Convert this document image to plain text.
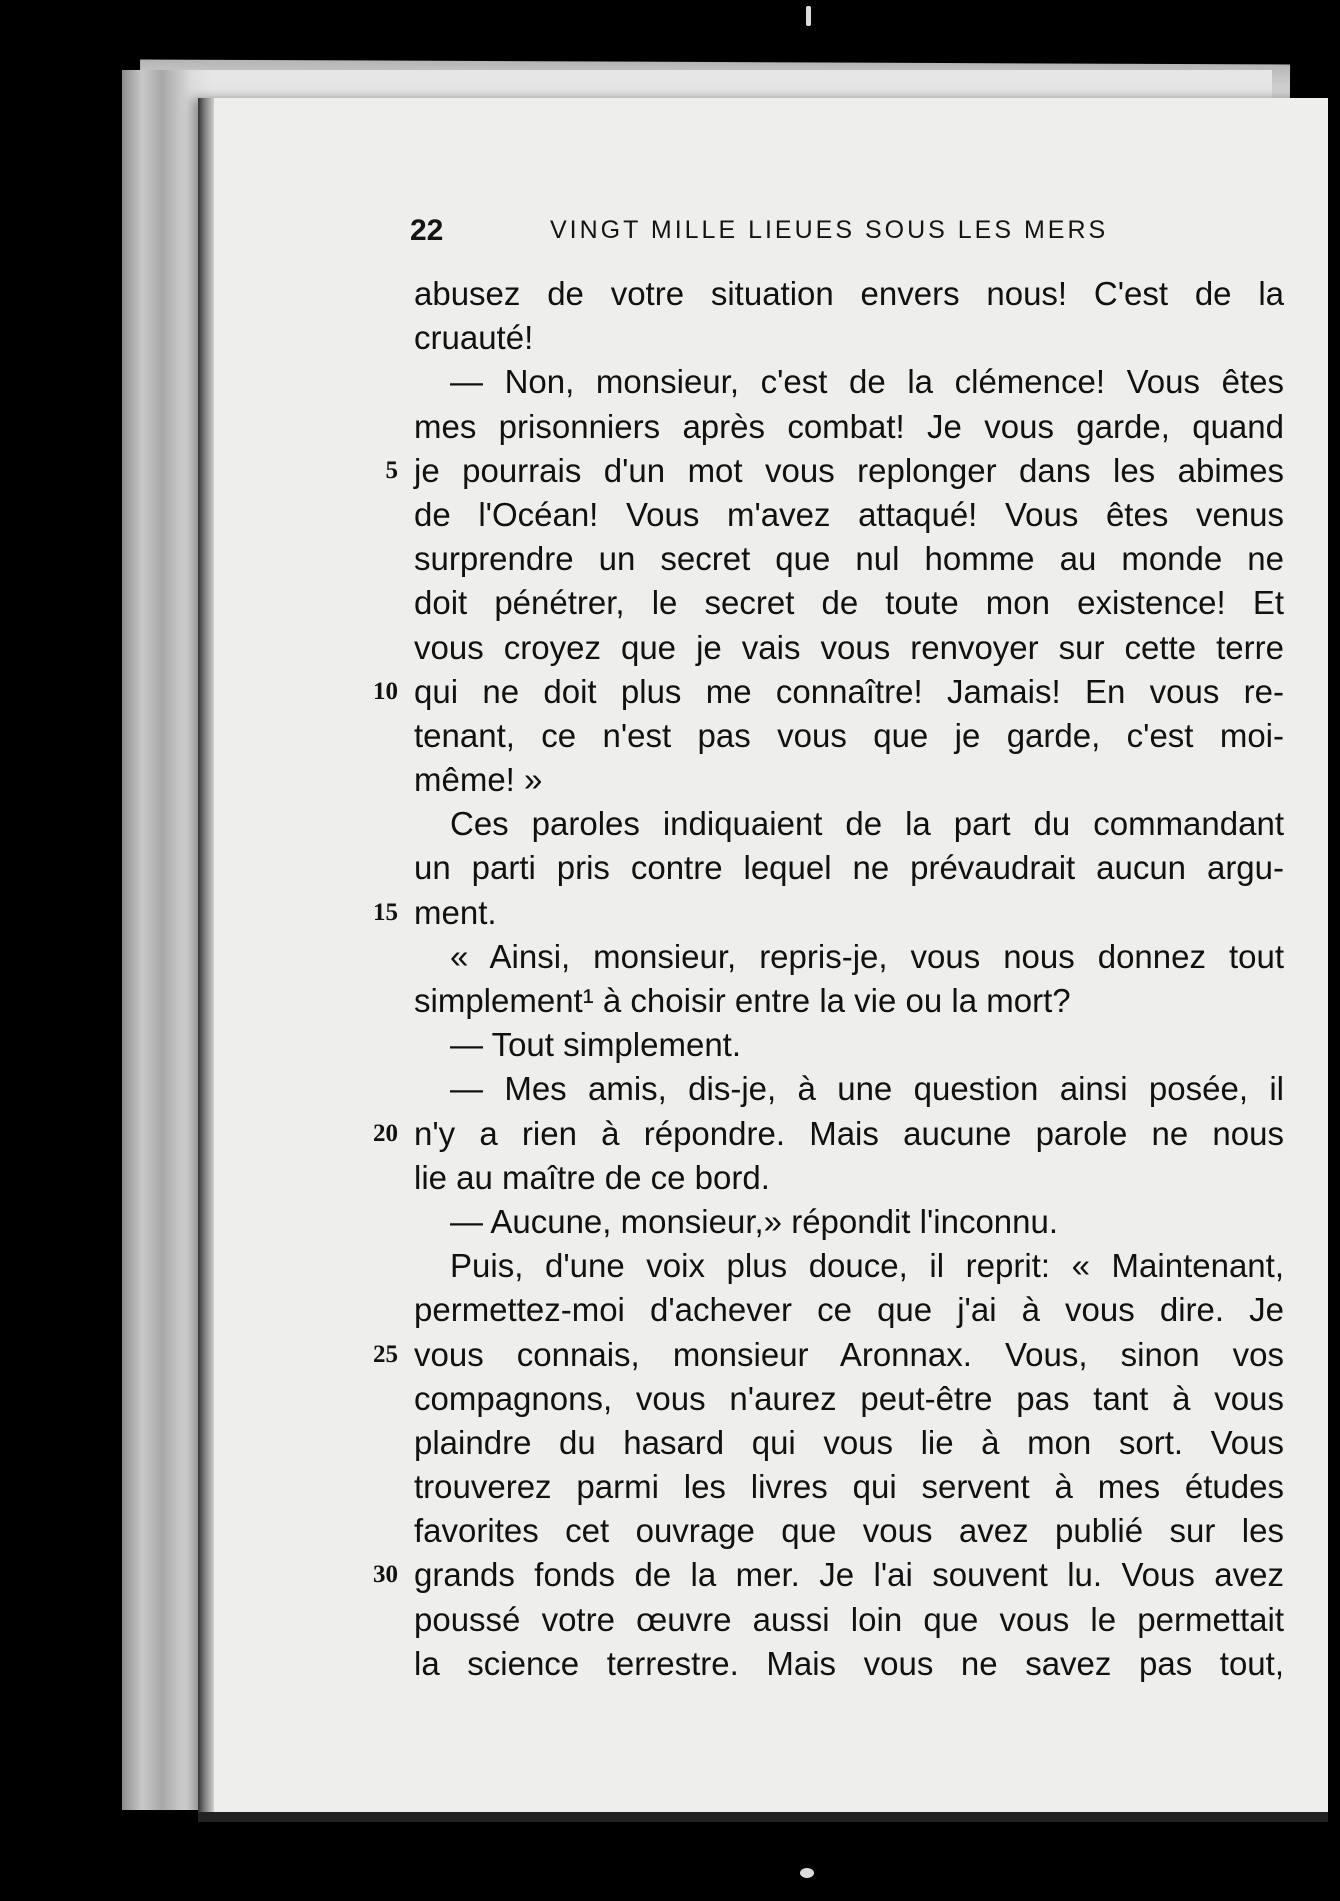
22	VINGT MILLE LIEUES SOUS LES MERS
abusez de votre situation envers nous! C'est de la
cruauté!
— Non, monsieur, c'est de la clémence! Vous êtes
mes prisonniers après combat! Je vous garde, quand
je pourrais d'un mot vous replonger dans les abimes
5
de l'Océan! Vous m'avez attaqué! Vous êtes venus
surprendre un secret que nul homme au monde ne
doit pénétrer, le secret de toute mon existence! Et
vous croyez que je vais vous renvoyer sur cette terre
qui ne doit plus me connaître! Jamais! En vous re-
10
tenant, ce n'est pas vous que je garde, c'est moi-
même! »
Ces paroles indiquaient de la part du commandant
un parti pris contre lequel ne prévaudrait aucun argu-
ment.
15
« Ainsi, monsieur, repris-je, vous nous donnez tout
simplement¹ à choisir entre la vie ou la mort?
— Tout simplement.
— Mes amis, dis-je, à une question ainsi posée, il
n'y a rien à répondre. Mais aucune parole ne nous
20
lie au maître de ce bord.
— Aucune, monsieur,» répondit l'inconnu.
Puis, d'une voix plus douce, il reprit: « Maintenant,
permettez-moi d'achever ce que j'ai à vous dire. Je
vous connais, monsieur Aronnax. Vous, sinon vos
25
compagnons, vous n'aurez peut-être pas tant à vous
plaindre du hasard qui vous lie à mon sort. Vous
trouverez parmi les livres qui servent à mes études
favorites cet ouvrage que vous avez publié sur les
grands fonds de la mer. Je l'ai souvent lu. Vous avez
30
poussé votre œuvre aussi loin que vous le permettait
la science terrestre. Mais vous ne savez pas tout,
